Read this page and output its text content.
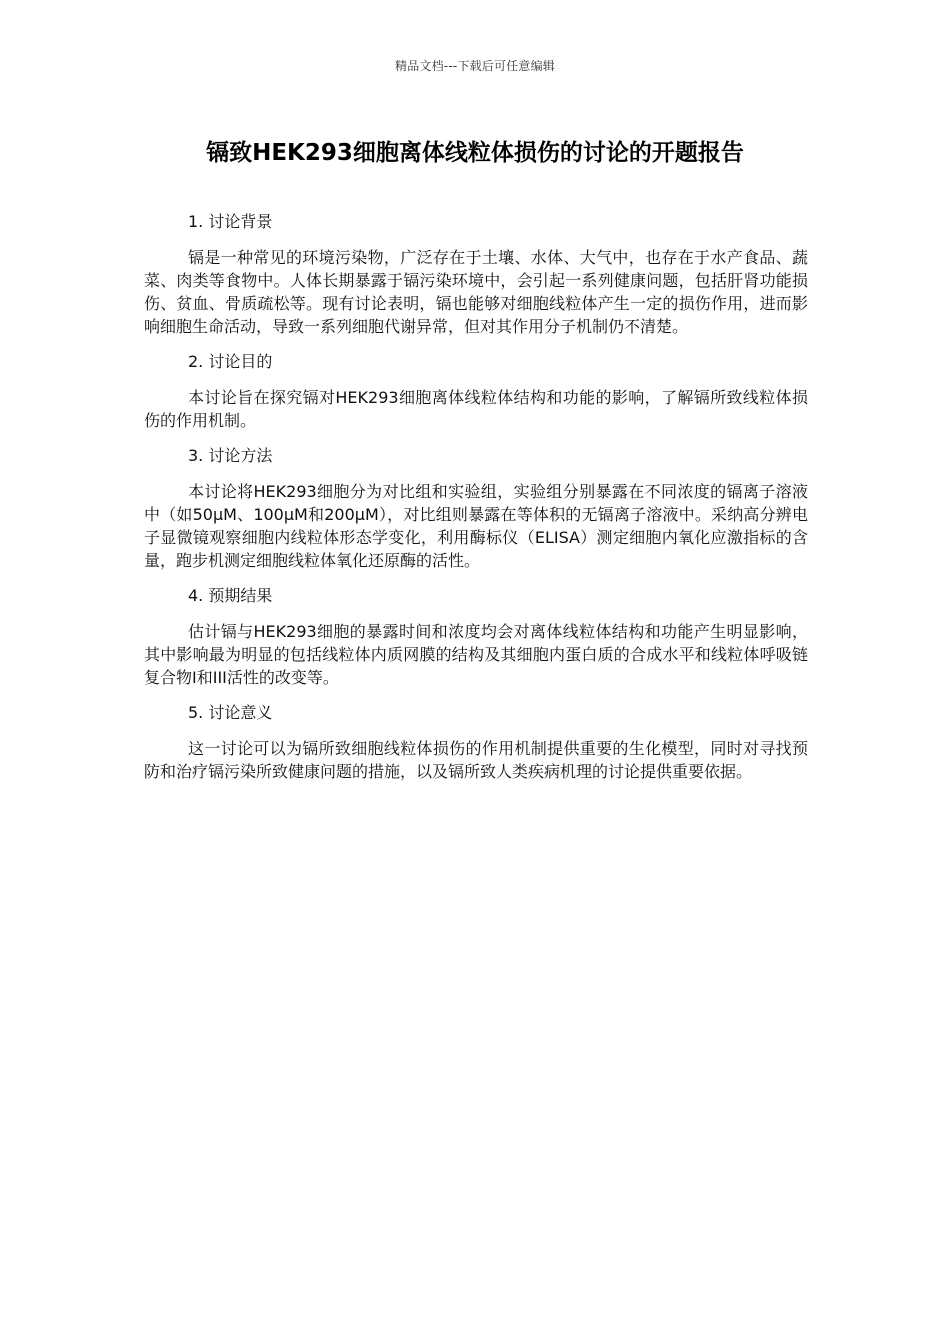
精品文档---下载后可任意编辑
镉致HEK293细胞离体线粒体损伤的讨论的开题报告

1. 讨论背景

镉是一种常见的环境污染物，广泛存在于土壤、水体、大气中，也存在于水产食品、蔬菜、肉类等食物中。人体长期暴露于镉污染环境中，会引起一系列健康问题，包括肝肾功能损伤、贫血、骨质疏松等。现有讨论表明，镉也能够对细胞线粒体产生一定的损伤作用，进而影响细胞生命活动，导致一系列细胞代谢异常，但对其作用分子机制仍不清楚。

2. 讨论目的

本讨论旨在探究镉对HEK293细胞离体线粒体结构和功能的影响，了解镉所致线粒体损伤的作用机制。

3. 讨论方法

本讨论将HEK293细胞分为对比组和实验组，实验组分别暴露在不同浓度的镉离子溶液中（如50μM、100μM和200μM），对比组则暴露在等体积的无镉离子溶液中。采纳高分辨电子显微镜观察细胞内线粒体形态学变化，利用酶标仪（ELISA）测定细胞内氧化应激指标的含量，跑步机测定细胞线粒体氧化还原酶的活性。

4. 预期结果

估计镉与HEK293细胞的暴露时间和浓度均会对离体线粒体结构和功能产生明显影响，其中影响最为明显的包括线粒体内质网膜的结构及其细胞内蛋白质的合成水平和线粒体呼吸链复合物I和III活性的改变等。

5. 讨论意义

这一讨论可以为镉所致细胞线粒体损伤的作用机制提供重要的生化模型，同时对寻找预防和治疗镉污染所致健康问题的措施，以及镉所致人类疾病机理的讨论提供重要依据。
